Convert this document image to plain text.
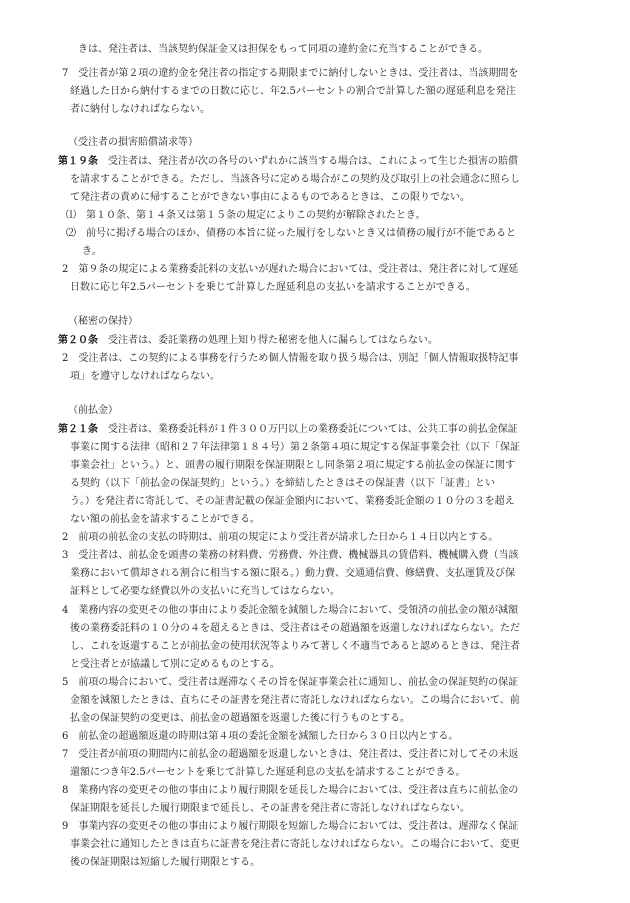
きは、発注者は、当該契約保証金又は担保をもって同項の違約金に充当することができる。

7　受注者が第２項の違約金を発注者の指定する期限までに納付しないときは、受注者は、当該期間を

経過した日から納付するまでの日数に応じ、年2.5パーセントの割合で計算した額の遅延利息を発注

者に納付しなければならない。

（受注者の損害賠償請求等）

第１９条 受注者は、発注者が次の各号のいずれかに該当する場合は、これによって生じた損害の賠償

を請求することができる。ただし、当該各号に定める場合がこの契約及び取引上の社会通念に照らし

て発注者の責めに帰することができない事由によるものであるときは、この限りでない。

⑴　第１０条、第１４条又は第１５条の規定によりこの契約が解除されたとき。

⑵　前号に掲げる場合のほか、債務の本旨に従った履行をしないとき又は債務の履行が不能であると

き。

2　第９条の規定による業務委託料の支払いが遅れた場合においては、受注者は、発注者に対して遅延

日数に応じ年2.5パーセントを乗じて計算した遅延利息の支払いを請求することができる。

（秘密の保持）

第２０条 受注者は、委託業務の処理上知り得た秘密を他人に漏らしてはならない。

2　受注者は、この契約による事務を行うため個人情報を取り扱う場合は、別記「個人情報取扱特記事

項」を遵守しなければならない。

（前払金）

第２１条 受注者は、業務委託料が１件３００万円以上の業務委託については、公共工事の前払金保証

事業に関する法律（昭和２７年法律第１８４号）第２条第４項に規定する保証事業会社（以下「保証

事業会社」という。）と、頭書の履行期限を保証期限とし同条第２項に規定する前払金の保証に関す

る契約（以下「前払金の保証契約」という。）を締結したときはその保証書（以下「証書」とい

う。）を発注者に寄託して、その証書記載の保証金額内において、業務委託金額の１０分の３を超え

ない額の前払金を請求することができる。

2　前項の前払金の支払の時期は、前項の規定により受注者が請求した日から１４日以内とする。

3　受注者は、前払金を頭書の業務の材料費、労務費、外注費、機械器具の賃借料、機械購入費（当該

業務において償却される割合に相当する額に限る。）動力費、交通通信費、修繕費、支払運賃及び保

証料として必要な経費以外の支払いに充当してはならない。

4　業務内容の変更その他の事由により委託金額を減額した場合において、受領済の前払金の額が減額

後の業務委託料の１０分の４を超えるときは、受注者はその超過額を返還しなければならない。ただ

し、これを返還することが前払金の使用状況等よりみて著しく不適当であると認めるときは、発注者

と受注者とが協議して別に定めるものとする。

5　前項の場合において、受注者は遅滞なくその旨を保証事業会社に通知し、前払金の保証契約の保証

金額を減額したときは、直ちにその証書を発注者に寄託しなければならない。この場合において、前

払金の保証契約の変更は、前払金の超過額を返還した後に行うものとする。

6　前払金の超過額返還の時期は第４項の委託金額を減額した日から３０日以内とする。

7　受注者が前項の期間内に前払金の超過額を返還しないときは、発注者は、受注者に対してその未返

還額につき年2.5パーセントを乗じて計算した遅延利息の支払を請求することができる。

8　業務内容の変更その他の事由により履行期限を延長した場合においては、受注者は直ちに前払金の

保証期限を延長した履行期限まで延長し、その証書を発注者に寄託しなければならない。

9　事業内容の変更その他の事由により履行期限を短縮した場合においては、受注者は、遅滞なく保証

事業会社に通知したときは直ちに証書を発注者に寄託しなければならない。この場合において、変更

後の保証期限は短縮した履行期限とする。
